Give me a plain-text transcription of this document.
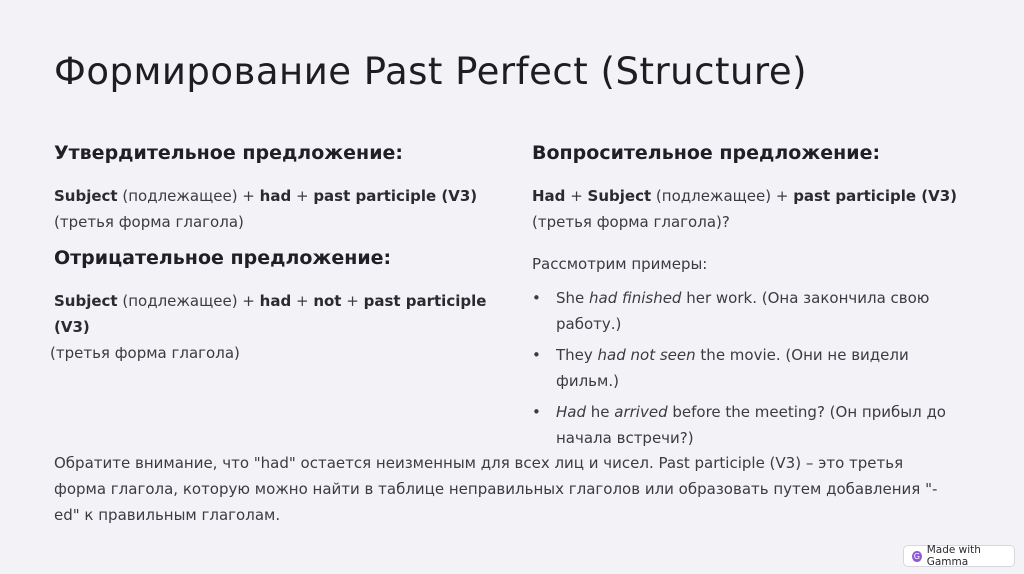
Формирование Past Perfect (Structure)
Утвердительное предложение:

Subject (подлежащее) + had + past participle (V3) (третья форма глагола)

Отрицательное предложение:

Subject (подлежащее) + had + not + past participle (V3)
(третья форма глагола)

Вопросительное предложение:

Had + Subject (подлежащее) + past participle (V3) (третья форма глагола)?

Рассмотрим примеры:

• She had finished her work. (Она закончила свою работу.)
• They had not seen the movie. (Они не видели фильм.)
• Had he arrived before the meeting? (Он прибыл до начала встречи?)

Обратите внимание, что "had" остается неизменным для всех лиц и чисел. Past participle (V3) – это третья форма глагола, которую можно найти в таблице неправильных глаголов или образовать путем добавления "-ed" к правильным глаголам.

G Made with Gamma
